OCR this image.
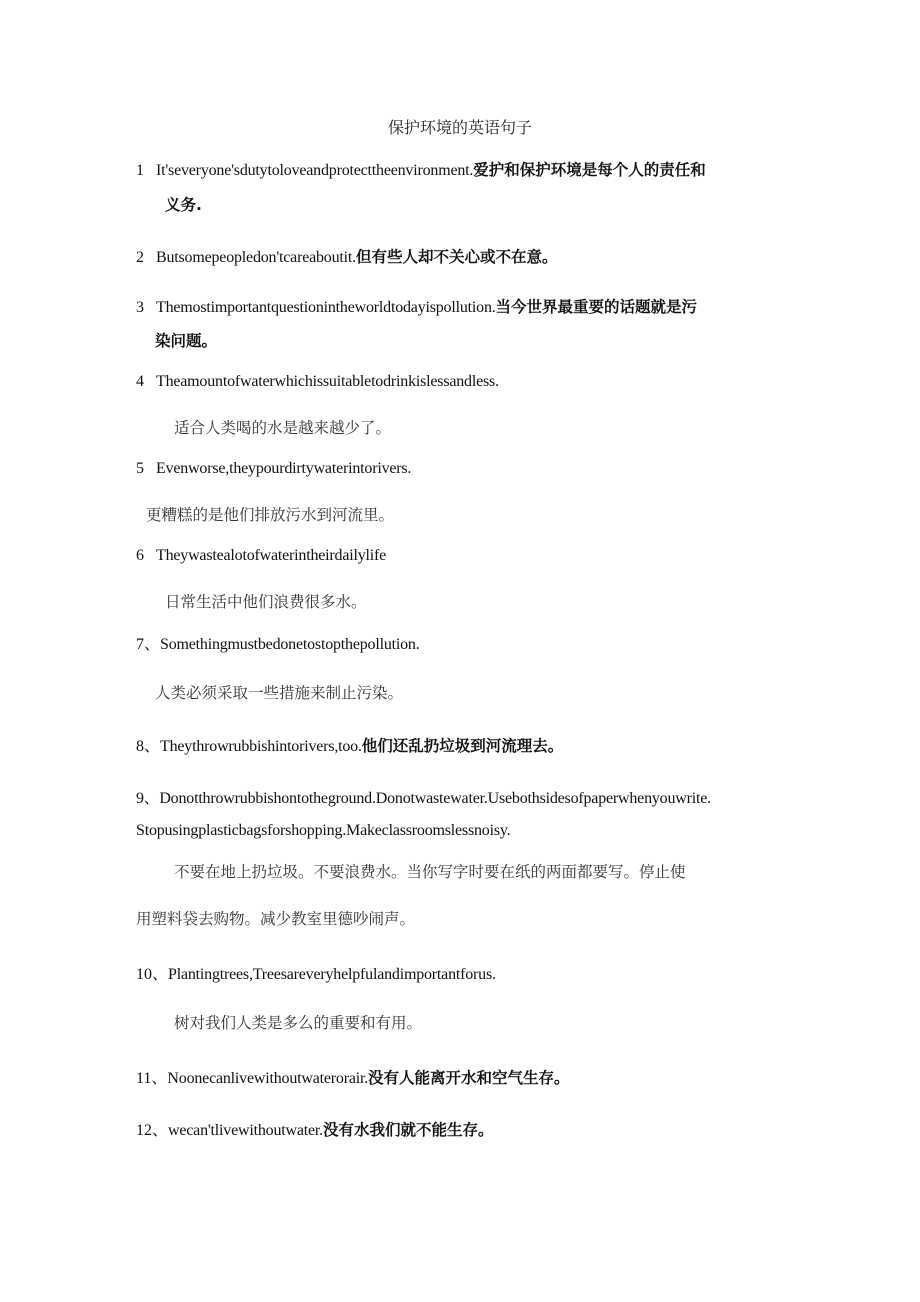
保护环境的英语句子
1 It'severyone'sdutytoloveandprotecttheenvironment.爱护和保护环境是每个人的责任和
义务.
2 Butsomepeopledon'tcareaboutit.但有些人却不关心或不在意。
3 Themostimportantquestionintheworldtodayispollution.当今世界最重要的话题就是污
染问题。
4 Theamountofwaterwhichissuitabletodrinkislessandless.
适合人类喝的水是越来越少了。
5 Evenworse,theypourdirtywaterintorivers.
更糟糕的是他们排放污水到河流里。
6 Theywastealotofwaterintheirdailylife
日常生活中他们浪费很多水。
7、Somethingmustbedonetostopthepollution.
人类必须采取一些措施来制止污染。
8、Theythrowrubbishintorivers,too.他们还乱扔垃圾到河流理去。
9、Donotthrowrubbishontotheground.Donotwastewater.Usebothsidesofpaperwhenyouwrite.
Stopusingplasticbagsforshopping.Makeclassroomslessnoisy.
不要在地上扔垃圾。不要浪费水。当你写字时要在纸的两面都要写。停止使
用塑料袋去购物。减少教室里德吵闹声。
10、Plantingtrees,Treesareveryhelpfulandimportantforus.
树对我们人类是多么的重要和有用。
11、Noonecanlivewithoutwaterorair.没有人能离开水和空气生存。
12、wecan'tlivewithoutwater.没有水我们就不能生存。
